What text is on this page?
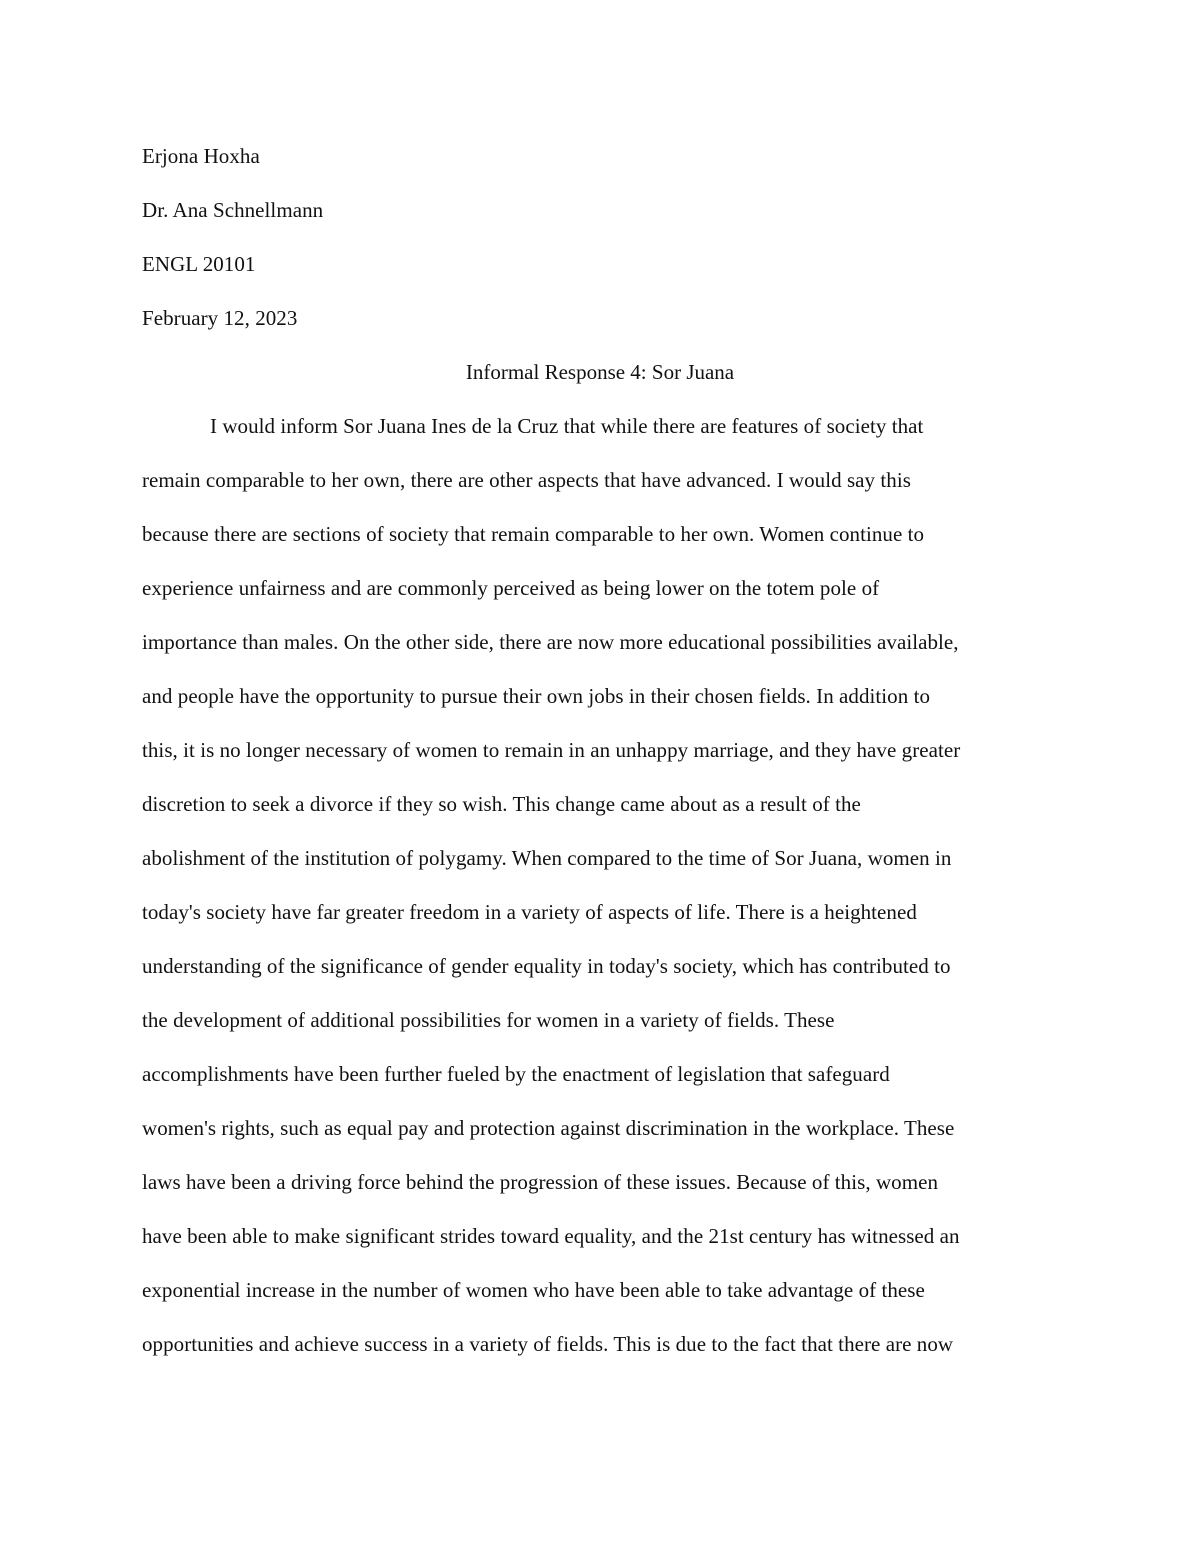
Erjona Hoxha
Dr. Ana Schnellmann
ENGL 20101
February 12, 2023
Informal Response 4: Sor Juana
I would inform Sor Juana Ines de la Cruz that while there are features of society that
remain comparable to her own, there are other aspects that have advanced. I would say this
because there are sections of society that remain comparable to her own. Women continue to
experience unfairness and are commonly perceived as being lower on the totem pole of
importance than males. On the other side, there are now more educational possibilities available,
and people have the opportunity to pursue their own jobs in their chosen fields. In addition to
this, it is no longer necessary of women to remain in an unhappy marriage, and they have greater
discretion to seek a divorce if they so wish. This change came about as a result of the
abolishment of the institution of polygamy. When compared to the time of Sor Juana, women in
today's society have far greater freedom in a variety of aspects of life. There is a heightened
understanding of the significance of gender equality in today's society, which has contributed to
the development of additional possibilities for women in a variety of fields. These
accomplishments have been further fueled by the enactment of legislation that safeguard
women's rights, such as equal pay and protection against discrimination in the workplace. These
laws have been a driving force behind the progression of these issues. Because of this, women
have been able to make significant strides toward equality, and the 21st century has witnessed an
exponential increase in the number of women who have been able to take advantage of these
opportunities and achieve success in a variety of fields. This is due to the fact that there are now
